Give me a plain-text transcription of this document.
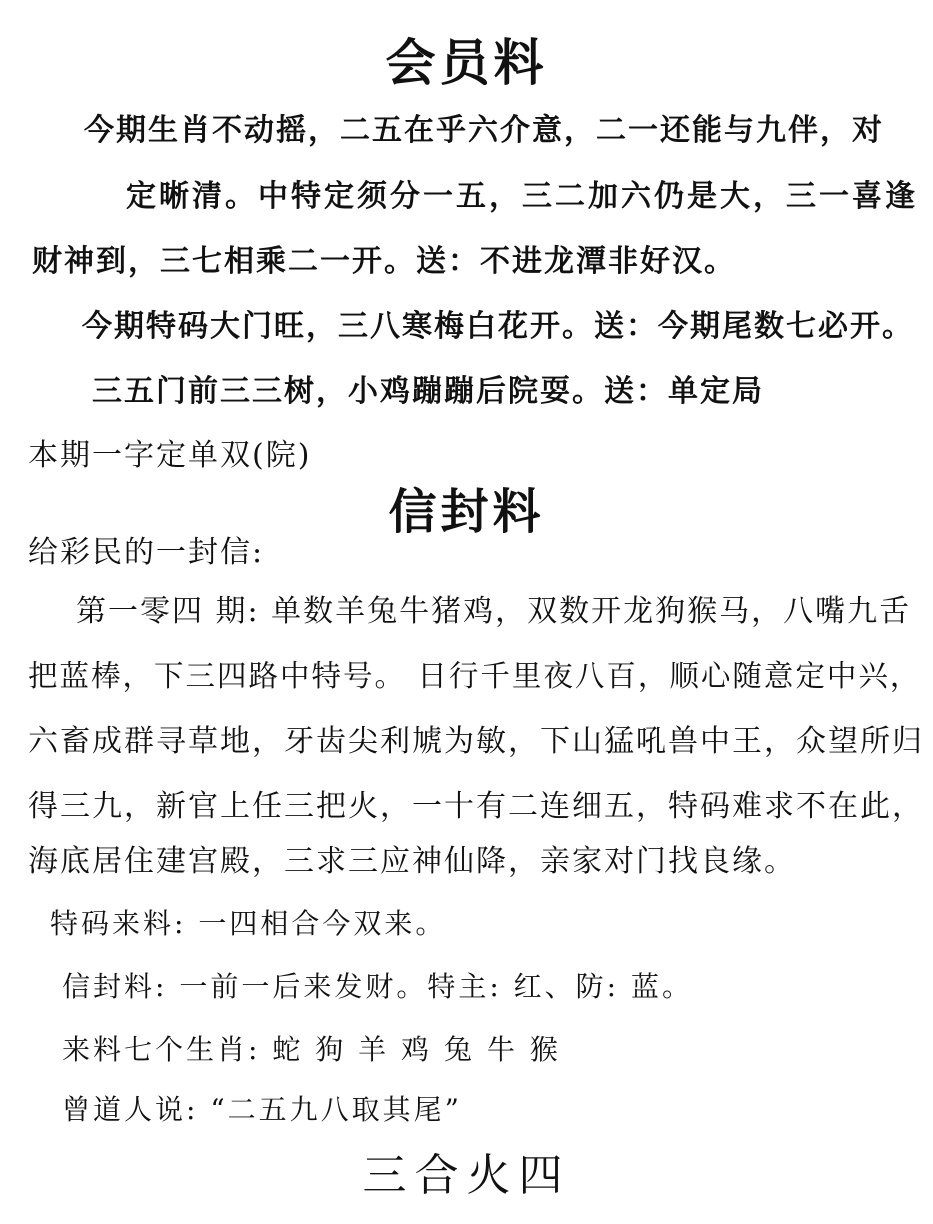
会员料
今期生肖不动摇，二五在乎六介意，二一还能与九伴，对
定晰清。中特定须分一五，三二加六仍是大，三一喜逢
财神到，三七相乘二一开。送：不进龙潭非好汉。
今期特码大门旺，三八寒梅白花开。送：今期尾数七必开。
三五门前三三树，小鸡蹦蹦后院耍。送：单定局
本期一字定单双(院)
信封料
给彩民的一封信:
第一零四 期: 单数羊兔牛猪鸡，双数开龙狗猴马，八嘴九舌
把蓝棒，下三四路中特号。 日行千里夜八百，顺心随意定中兴，
六畜成群寻草地，牙齿尖利虓为敏，下山猛吼兽中王，众望所归
得三九，新官上任三把火，一十有二连细五，特码难求不在此，
海底居住建宫殿，三求三应神仙降，亲家对门找良缘。
特码来料: 一四相合今双来。
信封料: 一前一后来发财。特主: 红、防: 蓝。
来料七个生肖: 蛇 狗 羊 鸡 兔 牛 猴
曾道人说: “二五九八取其尾”
三合火四
